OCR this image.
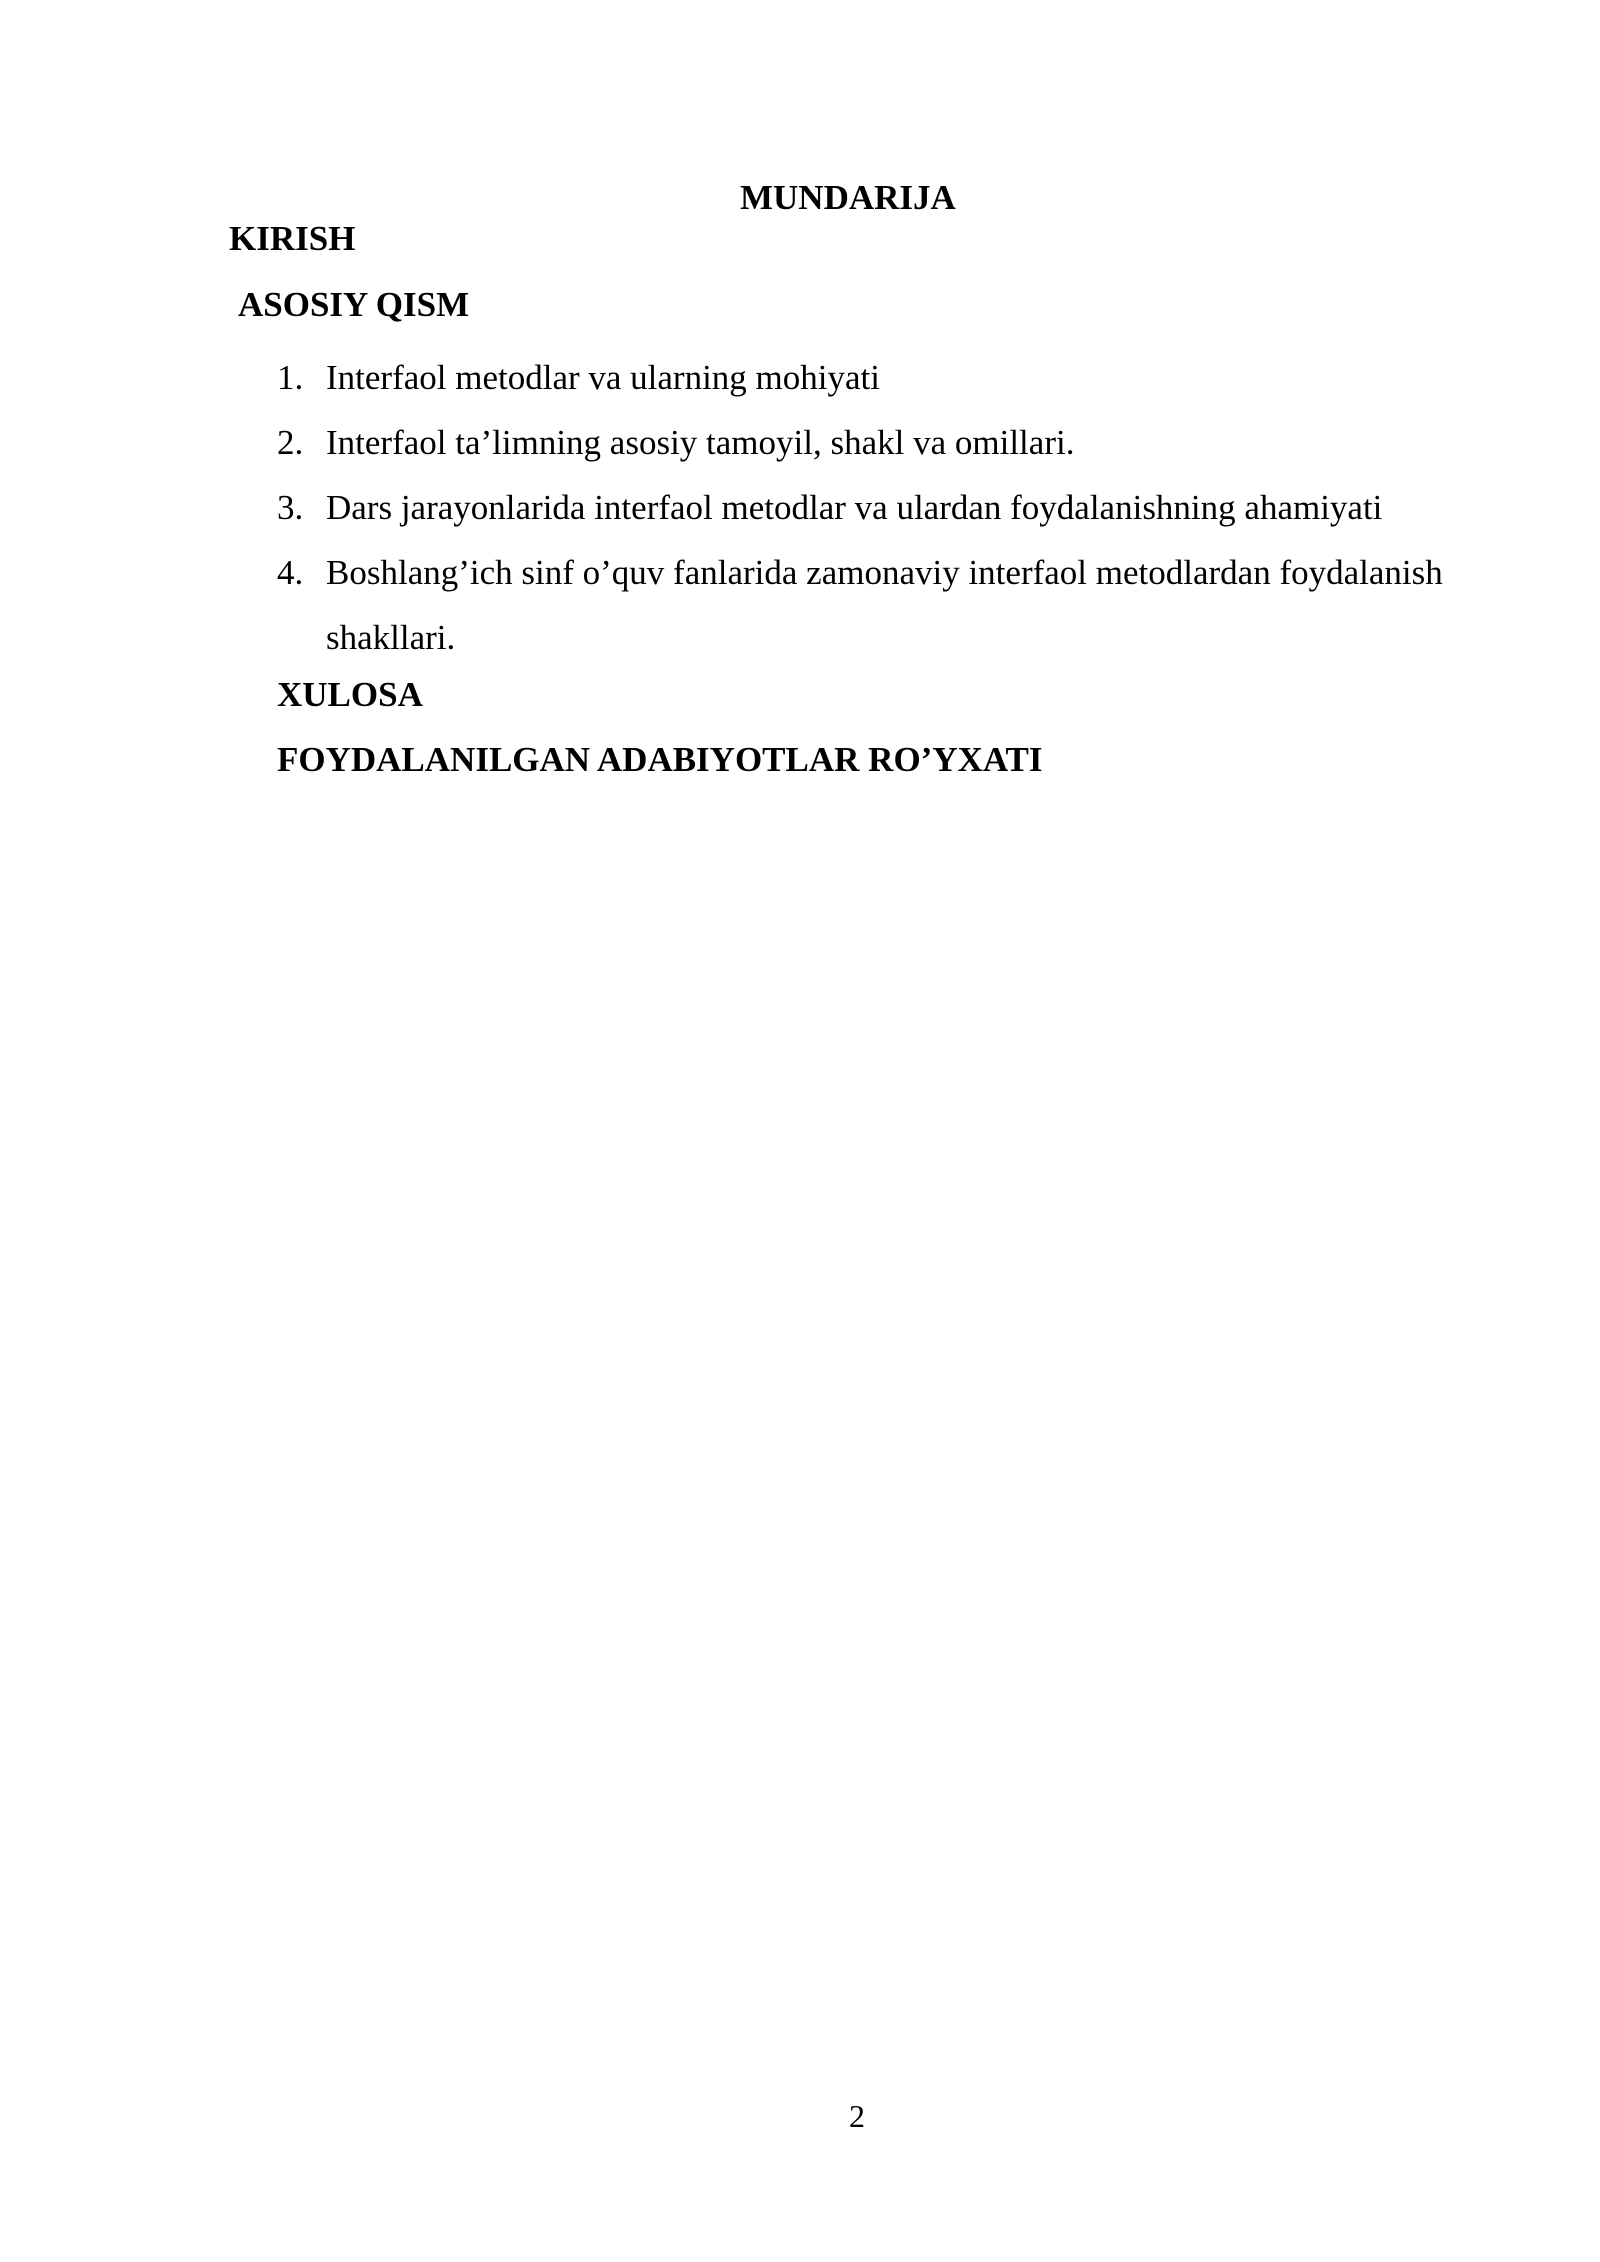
MUNDARIJA
KIRISH
ASOSIY QISM
1. Interfaol metodlar va ularning mohiyati
2. Interfaol ta’limning asosiy tamoyil, shakl va omillari.
3. Dars jarayonlarida interfaol metodlar va ulardan foydalanishning ahamiyati
4. Boshlang’ich sinf o’quv fanlarida zamonaviy interfaol metodlardan foydalanish shakllari.
XULOSA
FOYDALANILGAN ADABIYOTLAR RO’YXATI
2
